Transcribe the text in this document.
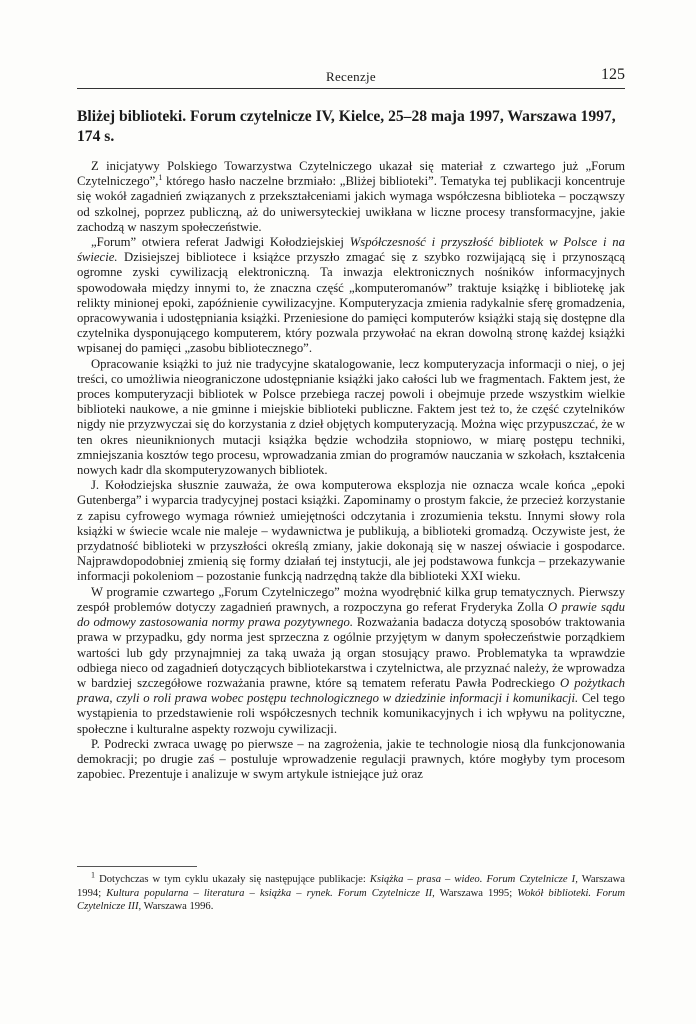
Recenzje	125
Bliżej biblioteki. Forum czytelnicze IV, Kielce, 25–28 maja 1997, Warszawa 1997, 174 s.

Z inicjatywy Polskiego Towarzystwa Czytelniczego ukazał się materiał z czwartego już „Forum Czytelniczego”,$^1$ którego hasło naczelne brzmiało: „Bliżej biblioteki”. Tematyka tej publikacji koncentruje się wokół zagadnień związanych z przekształceniami jakich wymaga współczesna biblioteka – począwszy od szkolnej, poprzez publiczną, aż do uniwersyteckiej uwikłana w liczne procesy transformacyjne, jakie zachodzą w naszym społeczeństwie.

„Forum” otwiera referat Jadwigi Kołodziejskiej Współczesność i przyszłość bibliotek w Polsce i na świecie. Dzisiejszej bibliotece i książce przyszło zmagać się z szybko rozwijającą się i przynoszącą ogromne zyski cywilizacją elektroniczną. Ta inwazja elektronicznych nośników informacyjnych spowodowała między innymi to, że znaczna część „komputeromanów” traktuje książkę i bibliotekę jak relikty minionej epoki, zapóźnienie cywilizacyjne. Komputeryzacja zmienia radykalnie sferę gromadzenia, opracowywania i udostępniania książki. Przeniesione do pamięci komputerów książki stają się dostępne dla czytelnika dysponującego komputerem, który pozwala przywołać na ekran dowolną stronę każdej książki wpisanej do pamięci „zasobu bibliotecznego”.

Opracowanie książki to już nie tradycyjne skatalogowanie, lecz komputeryzacja informacji o niej, o jej treści, co umożliwia nieograniczone udostępnianie książki jako całości lub we fragmentach. Faktem jest, że proces komputeryzacji bibliotek w Polsce przebiega raczej powoli i obejmuje przede wszystkim wielkie biblioteki naukowe, a nie gminne i miejskie biblioteki publiczne. Faktem jest też to, że część czytelników nigdy nie przyzwyczai się do korzystania z dzieł objętych komputeryzacją. Można więc przypuszczać, że w ten okres nieuniknionych mutacji książka będzie wchodziła stopniowo, w miarę postępu techniki, zmniejszania kosztów tego procesu, wprowadzania zmian do programów nauczania w szkołach, kształcenia nowych kadr dla skomputeryzowanych bibliotek.

J. Kołodziejska słusznie zauważa, że owa komputerowa eksplozja nie oznacza wcale końca „epoki Gutenberga” i wyparcia tradycyjnej postaci książki. Zapominamy o prostym fakcie, że przecież korzystanie z zapisu cyfrowego wymaga również umiejętności odczytania i zrozumienia tekstu. Innymi słowy rola książki w świecie wcale nie maleje – wydawnictwa je publikują, a biblioteki gromadzą. Oczywiste jest, że przydatność biblioteki w przyszłości określą zmiany, jakie dokonają się w naszej oświacie i gospodarce. Najprawdopodobniej zmienią się formy działań tej instytucji, ale jej podstawowa funkcja – przekazywanie informacji pokoleniom – pozostanie funkcją nadrzędną także dla biblioteki XXI wieku.

W programie czwartego „Forum Czytelniczego” można wyodrębnić kilka grup tematycznych. Pierwszy zespół problemów dotyczy zagadnień prawnych, a rozpoczyna go referat Fryderyka Zolla O prawie sądu do odmowy zastosowania normy prawa pozytywnego. Rozważania badacza dotyczą sposobów traktowania prawa w przypadku, gdy norma jest sprzeczna z ogólnie przyjętym w danym społeczeństwie porządkiem wartości lub gdy przynajmniej za taką uważa ją organ stosujący prawo. Problematyka ta wprawdzie odbiega nieco od zagadnień dotyczących bibliotekarstwa i czytelnictwa, ale przyznać należy, że wprowadza w bardziej szczegółowe rozważania prawne, które są tematem referatu Pawła Podreckiego O pożytkach prawa, czyli o roli prawa wobec postępu technologicznego w dziedzinie informacji i komunikacji. Cel tego wystąpienia to przedstawienie roli współczesnych technik komunikacyjnych i ich wpływu na polityczne, społeczne i kulturalne aspekty rozwoju cywilizacji.

P. Podrecki zwraca uwagę po pierwsze – na zagrożenia, jakie te technologie niosą dla funkcjonowania demokracji; po drugie zaś – postuluje wprowadzenie regulacji prawnych, które mogłyby tym procesom zapobiec. Prezentuje i analizuje w swym artykule istniejące już oraz

$^1$ Dotychczas w tym cyklu ukazały się następujące publikacje: Książka – prasa – wideo. Forum Czytelnicze I, Warszawa 1994; Kultura popularna – literatura – książka – rynek. Forum Czytelnicze II, Warszawa 1995; Wokół biblioteki. Forum Czytelnicze III, Warszawa 1996.
